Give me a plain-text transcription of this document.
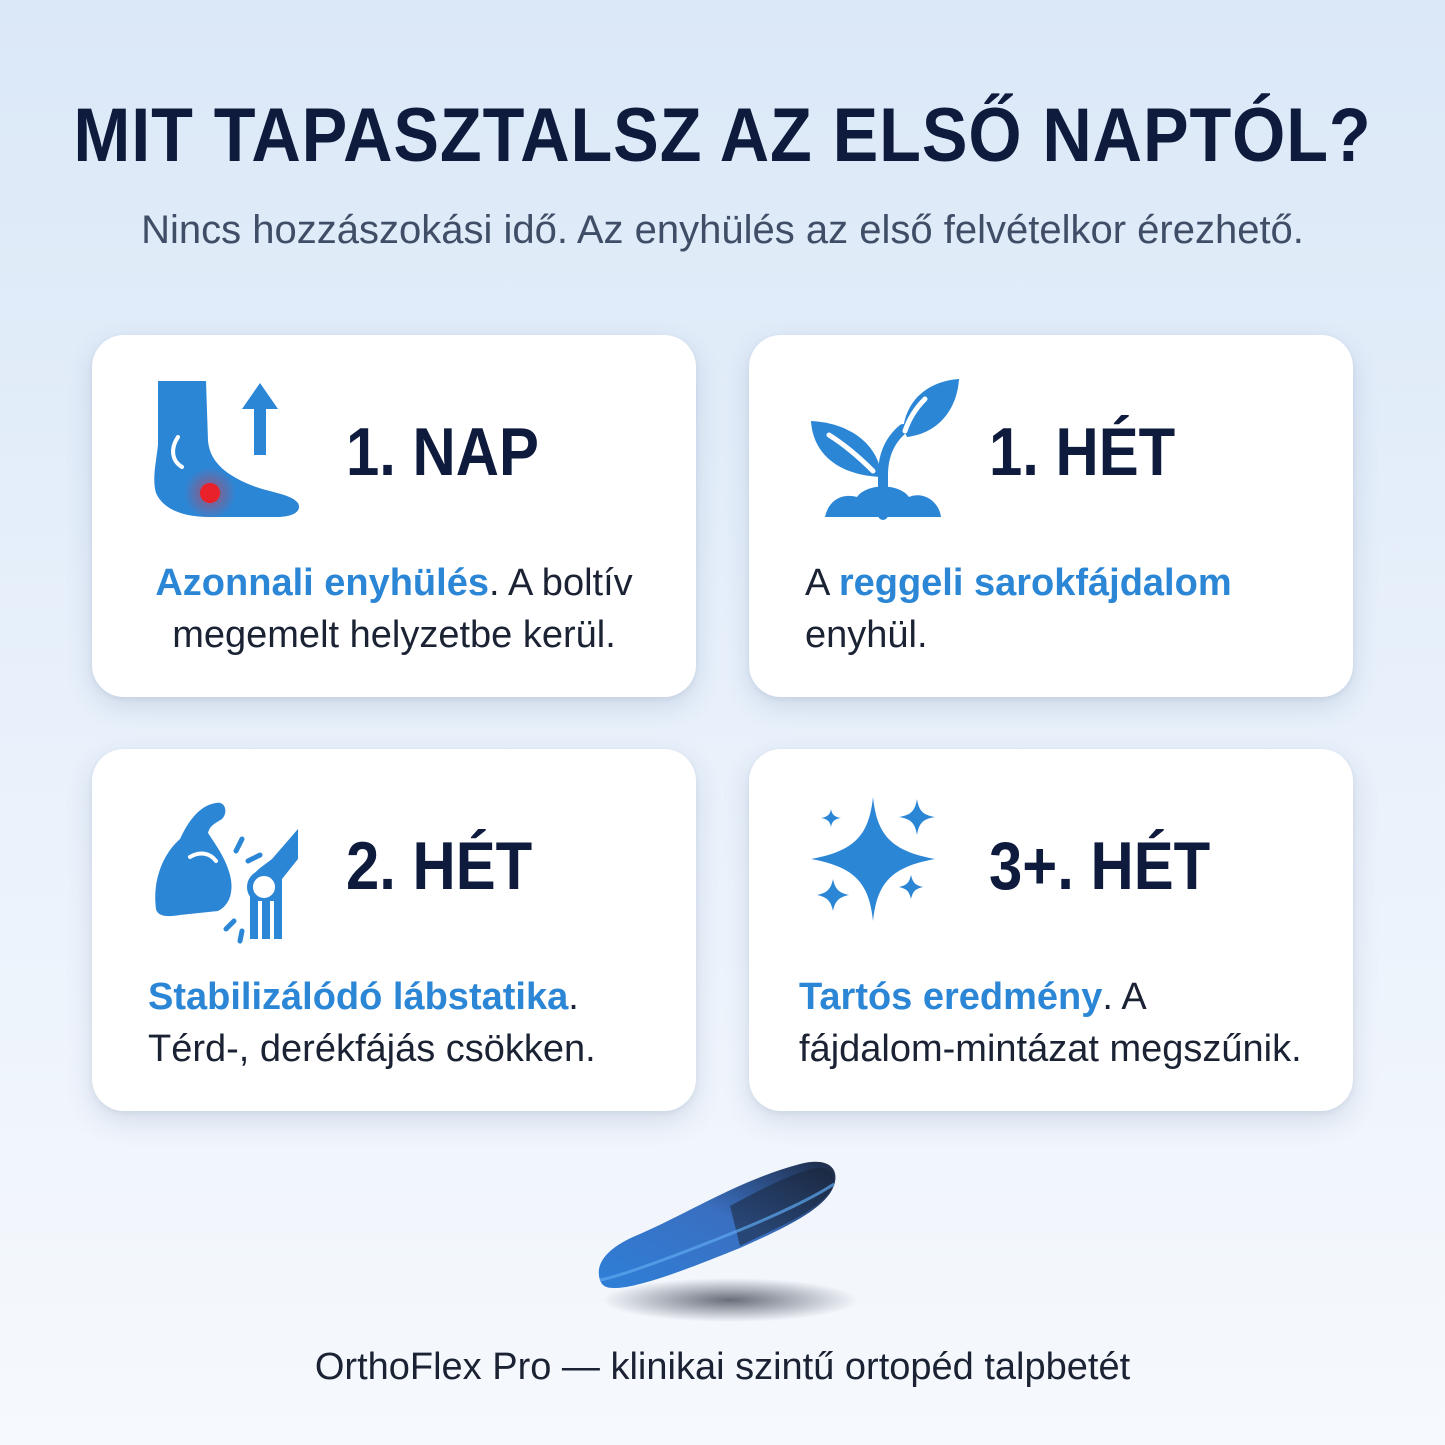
MIT TAPASZTALSZ AZ ELSŐ NAPTÓL?
Nincs hozzászokási idő. Az enyhülés az első felvételkor érezhető.
1. NAP
Azonnali enyhülés. A boltív
megemelt helyzetbe kerül.
1. HÉT
A reggeli sarokfájdalom
enyhül.
2. HÉT
Stabilizálódó lábstatika.
Térd-, derékfájás csökken.
3+. HÉT
Tartós eredmény. A
fájdalom-mintázat megszűnik.
OrthoFlex Pro — klinikai szintű ortopéd talpbetét
